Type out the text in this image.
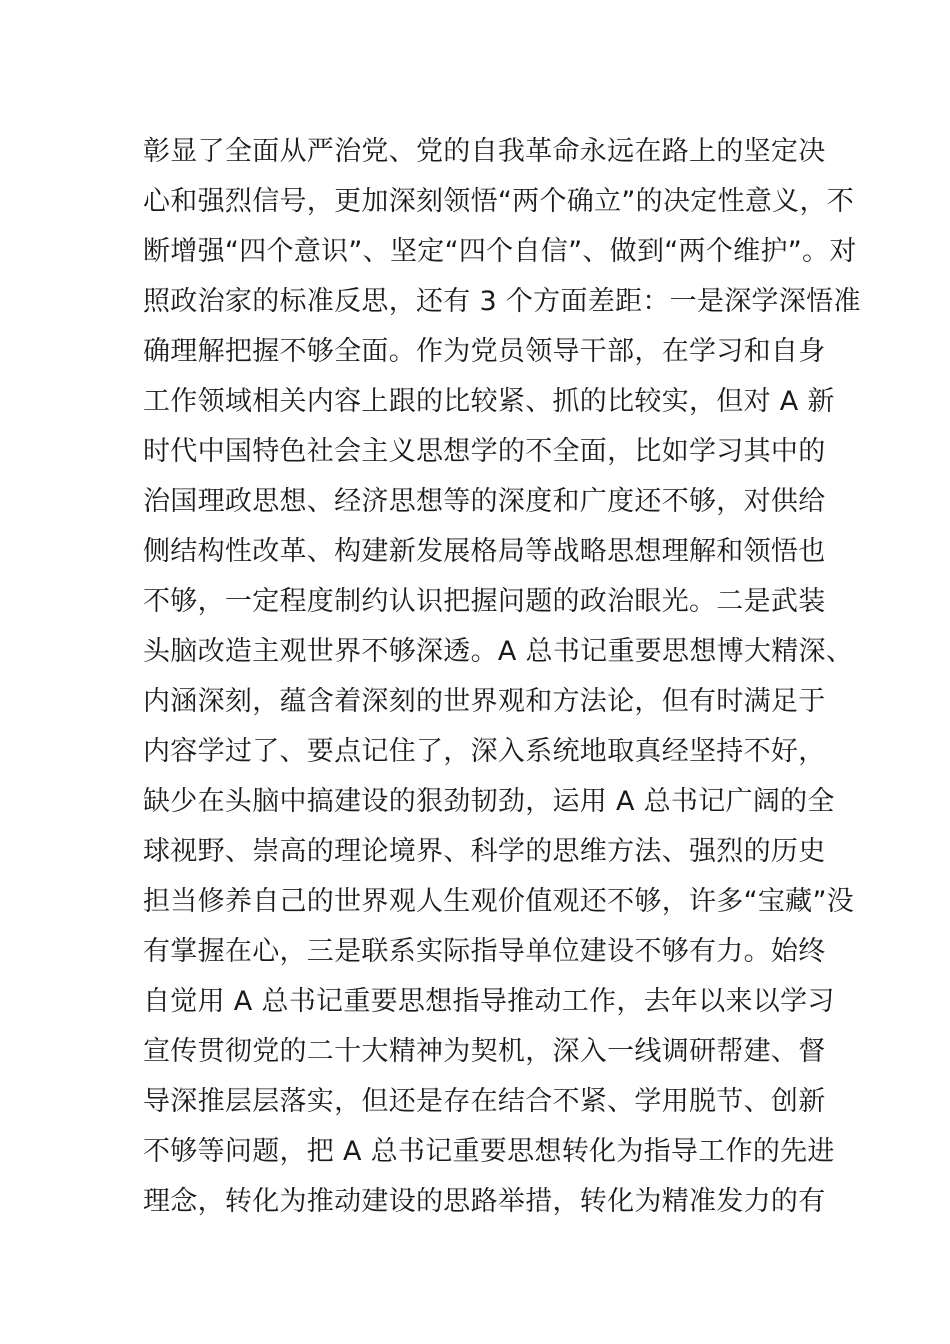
彰显了全面从严治党、党的自我革命永远在路上的坚定决
心和强烈信号，更加深刻领悟“两个确立”的决定性意义，不
断增强“四个意识”、坚定“四个自信”、做到“两个维护”。对
照政治家的标准反思，还有 3 个方面差距：一是深学深悟准
确理解把握不够全面。作为党员领导干部，在学习和自身
工作领域相关内容上跟的比较紧、抓的比较实，但对 A 新
时代中国特色社会主义思想学的不全面，比如学习其中的
治国理政思想、经济思想等的深度和广度还不够，对供给
侧结构性改革、构建新发展格局等战略思想理解和领悟也
不够，一定程度制约认识把握问题的政治眼光。二是武装
头脑改造主观世界不够深透。A 总书记重要思想博大精深、
内涵深刻，蕴含着深刻的世界观和方法论，但有时满足于
内容学过了、要点记住了，深入系统地取真经坚持不好，
缺少在头脑中搞建设的狠劲韧劲，运用 A 总书记广阔的全
球视野、崇高的理论境界、科学的思维方法、强烈的历史
担当修养自己的世界观人生观价值观还不够，许多“宝藏”没
有掌握在心，三是联系实际指导单位建设不够有力。始终
自觉用 A 总书记重要思想指导推动工作，去年以来以学习
宣传贯彻党的二十大精神为契机，深入一线调研帮建、督
导深推层层落实，但还是存在结合不紧、学用脱节、创新
不够等问题，把 A 总书记重要思想转化为指导工作的先进
理念，转化为推动建设的思路举措，转化为精准发力的有
